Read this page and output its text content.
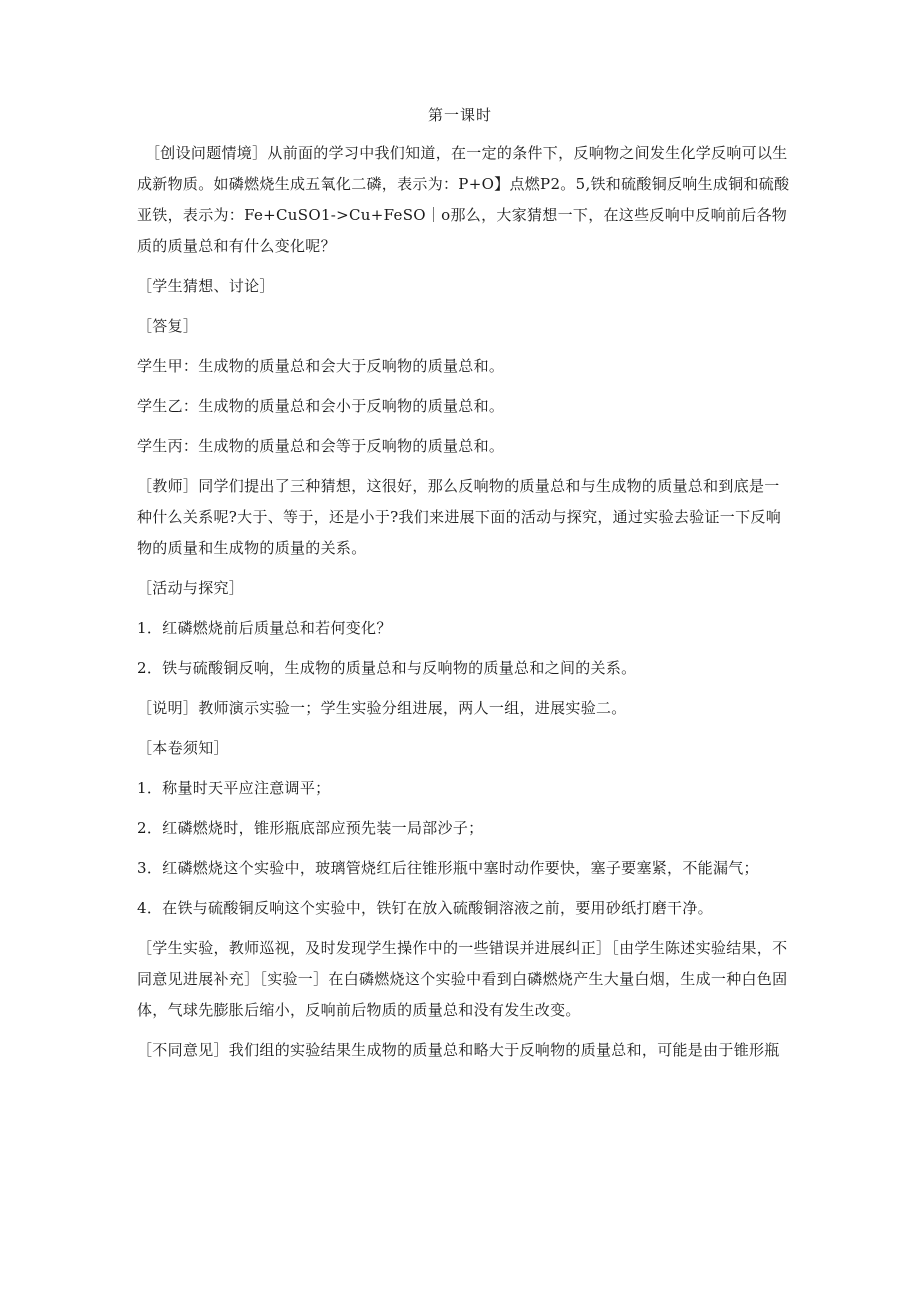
第一课时
［创设问题情境］从前面的学习中我们知道，在一定的条件下，反响物之间发生化学反响可以生成新物质。如磷燃烧生成五氧化二磷，表示为：P+O】点燃P2。5,铁和硫酸铜反响生成铜和硫酸亚铁，表示为：Fe+CuSO1->Cu+FeSO｜o那么，大家猜想一下，在这些反响中反响前后各物质的质量总和有什么变化呢？
［学生猜想、讨论］
［答复］
学生甲：生成物的质量总和会大于反响物的质量总和。
学生乙：生成物的质量总和会小于反响物的质量总和。
学生丙：生成物的质量总和会等于反响物的质量总和。
［教师］同学们提出了三种猜想，这很好，那么反响物的质量总和与生成物的质量总和到底是一种什么关系呢?大于、等于，还是小于?我们来进展下面的活动与探究，通过实验去验证一下反响物的质量和生成物的质量的关系。
［活动与探究］
1．红磷燃烧前后质量总和若何变化？
2．铁与硫酸铜反响，生成物的质量总和与反响物的质量总和之间的关系。
［说明］教师演示实验一；学生实验分组进展，两人一组，进展实验二。
［本卷须知］
1．称量时天平应注意调平；
2．红磷燃烧时，锥形瓶底部应预先装一局部沙子；
3．红磷燃烧这个实验中，玻璃管烧红后往锥形瓶中塞时动作要快，塞子要塞紧，不能漏气；
4．在铁与硫酸铜反响这个实验中，铁钉在放入硫酸铜溶液之前，要用砂纸打磨干净。
［学生实验，教师巡视，及时发现学生操作中的一些错误并进展纠正］［由学生陈述实验结果，不同意见进展补充］［实验一］在白磷燃烧这个实验中看到白磷燃烧产生大量白烟，生成一种白色固体，气球先膨胀后缩小，反响前后物质的质量总和没有发生改变。
［不同意见］我们组的实验结果生成物的质量总和略大于反响物的质量总和，可能是由于锥形瓶
